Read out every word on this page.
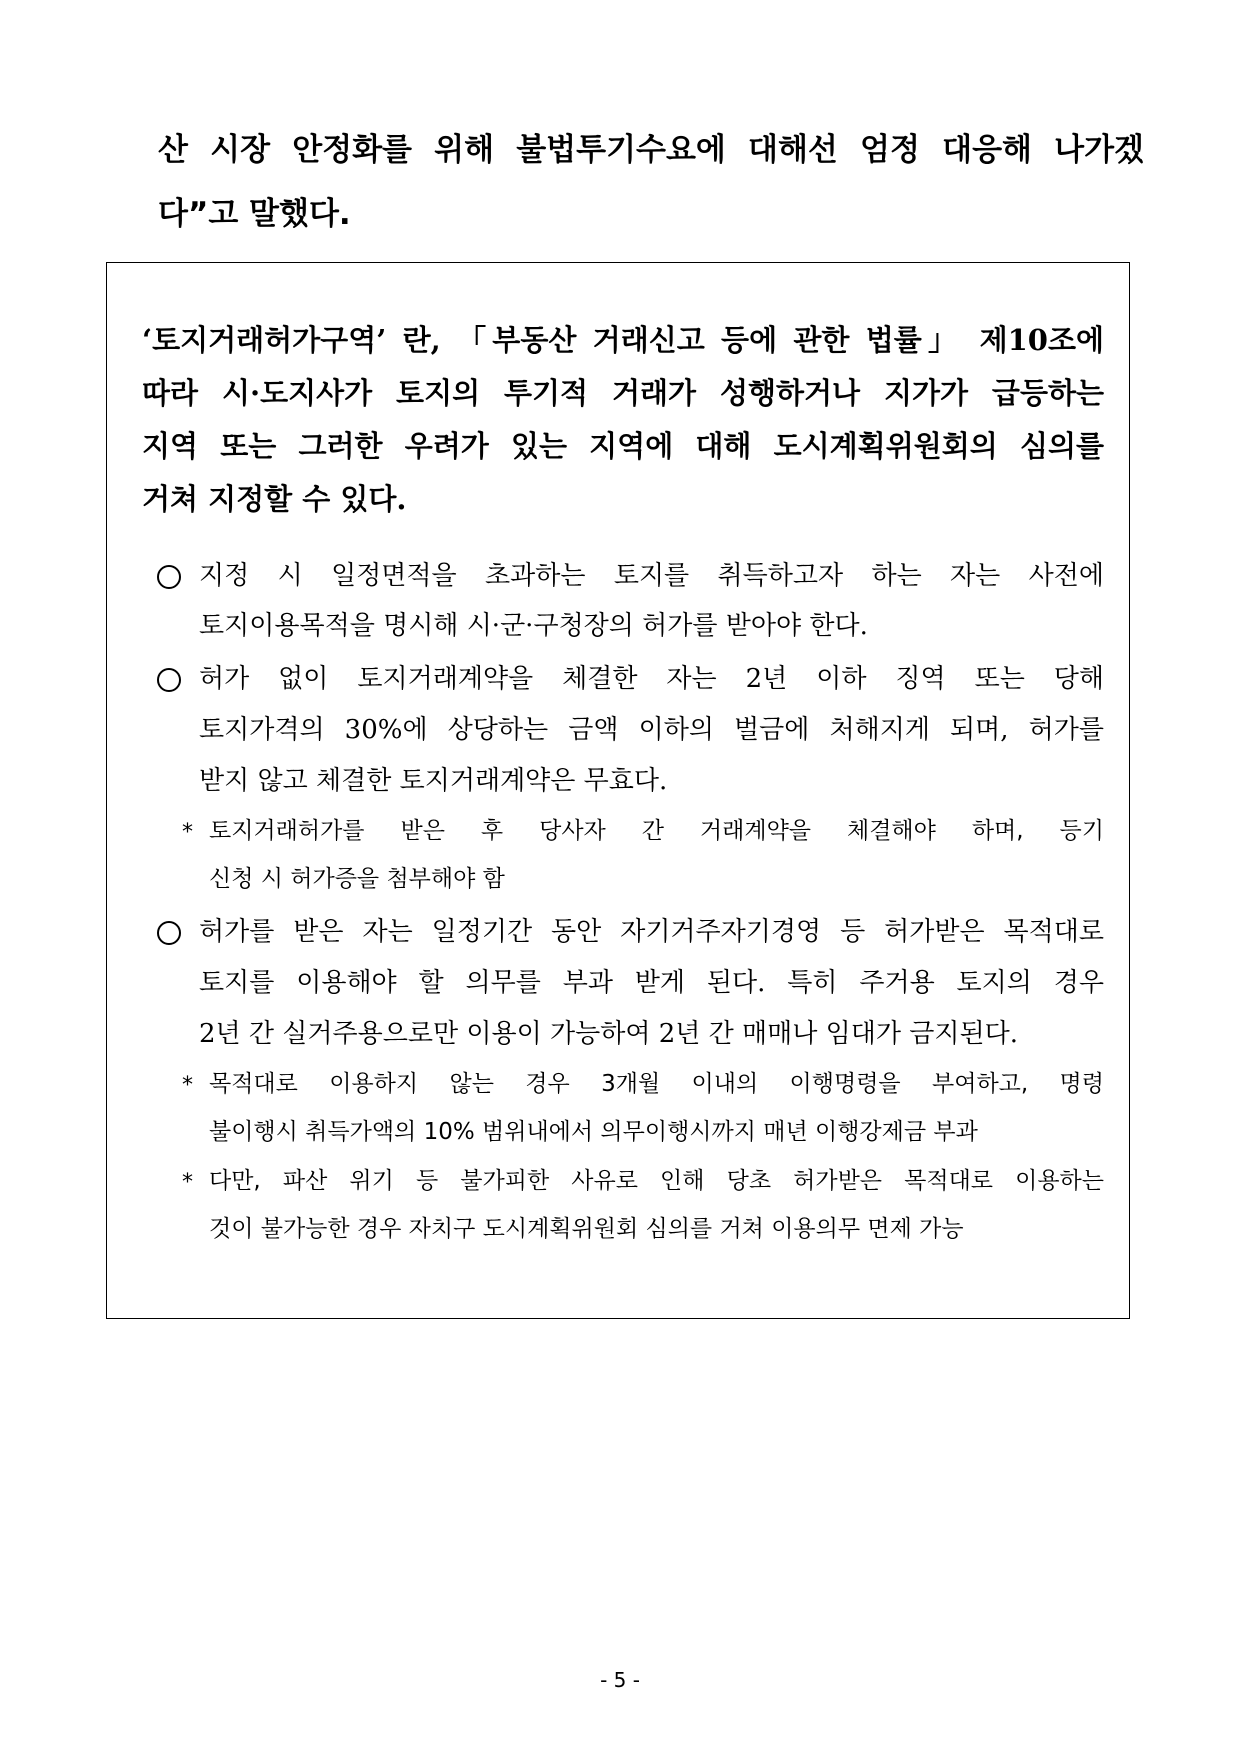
산 시장 안정화를 위해 불법투기수요에 대해선 엄정 대응해 나가겠
다”고 말했다.
‘토지거래허가구역’ 란, 「부동산 거래신고 등에 관한 법률」 제10조에
따라 시·도지사가 토지의 투기적 거래가 성행하거나 지가가 급등하는
지역 또는 그러한 우려가 있는 지역에 대해 도시계획위원회의 심의를
거쳐 지정할 수 있다.
지정 시 일정면적을 초과하는 토지를 취득하고자 하는 자는 사전에
토지이용목적을 명시해 시·군·구청장의 허가를 받아야 한다.
허가 없이 토지거래계약을 체결한 자는 2년 이하 징역 또는 당해
토지가격의 30%에 상당하는 금액 이하의 벌금에 처해지게 되며, 허가를
받지 않고 체결한 토지거래계약은 무효다.
* 토지거래허가를 받은 후 당사자 간 거래계약을 체결해야 하며, 등기
신청 시 허가증을 첨부해야 함
허가를 받은 자는 일정기간 동안 자기거주자기경영 등 허가받은 목적대로
토지를 이용해야 할 의무를 부과 받게 된다. 특히 주거용 토지의 경우
2년 간 실거주용으로만 이용이 가능하여 2년 간 매매나 임대가 금지된다.
* 목적대로 이용하지 않는 경우 3개월 이내의 이행명령을 부여하고, 명령
불이행시 취득가액의 10% 범위내에서 의무이행시까지 매년 이행강제금 부과
* 다만, 파산 위기 등 불가피한 사유로 인해 당초 허가받은 목적대로 이용하는
것이 불가능한 경우 자치구 도시계획위원회 심의를 거쳐 이용의무 면제 가능
- 5 -
